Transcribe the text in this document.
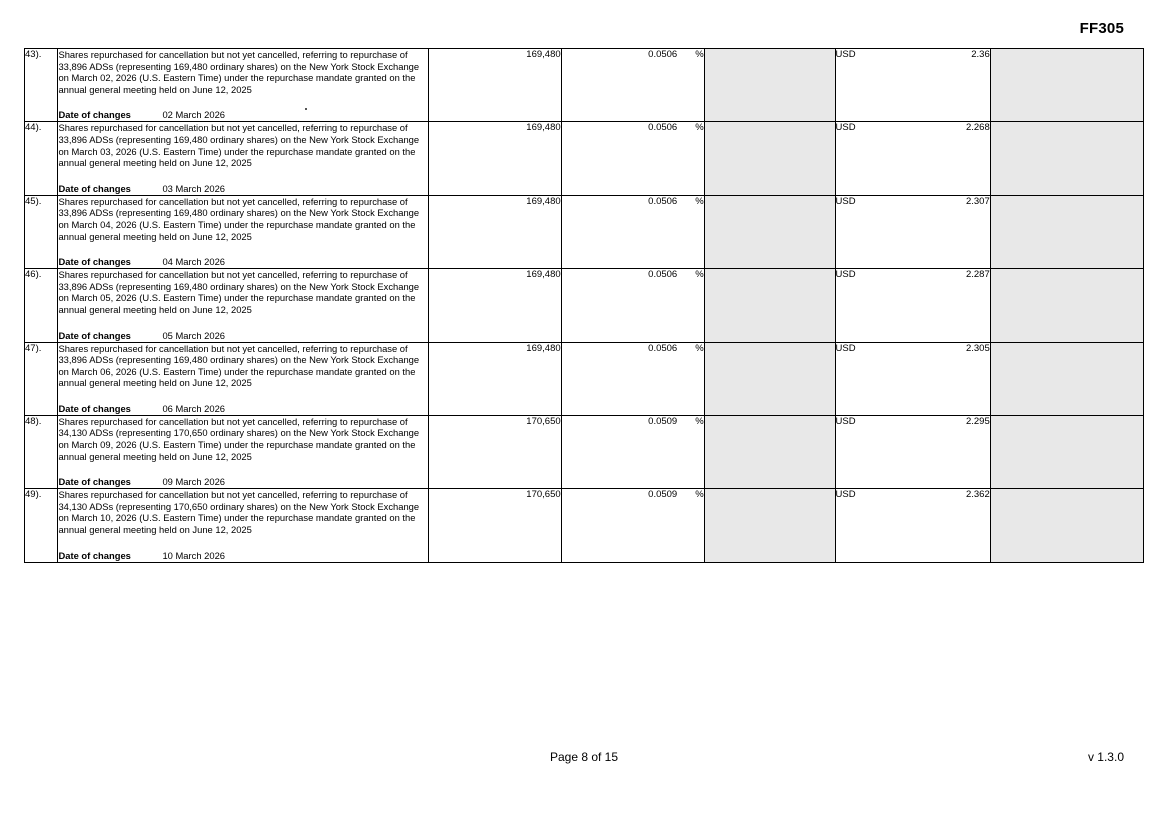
FF305
43).	Shares repurchased for cancellation but not yet cancelled, referring to repurchase of 33,896 ADSs (representing 169,480 ordinary shares) on the New York Stock Exchange on March 02, 2026 (U.S. Eastern Time) under the repurchase mandate granted on the annual general meeting held on June 12, 2025
Date of changes	02 March 2026
	169,480	0.0506 %		USD	2.36

44).	Shares repurchased for cancellation but not yet cancelled, referring to repurchase of 33,896 ADSs (representing 169,480 ordinary shares) on the New York Stock Exchange on March 03, 2026 (U.S. Eastern Time) under the repurchase mandate granted on the annual general meeting held on June 12, 2025
Date of changes	03 March 2026
	169,480	0.0506 %		USD	2.268

45).	Shares repurchased for cancellation but not yet cancelled, referring to repurchase of 33,896 ADSs (representing 169,480 ordinary shares) on the New York Stock Exchange on March 04, 2026 (U.S. Eastern Time) under the repurchase mandate granted on the annual general meeting held on June 12, 2025
Date of changes	04 March 2026
	169,480	0.0506 %		USD	2.307

46).	Shares repurchased for cancellation but not yet cancelled, referring to repurchase of 33,896 ADSs (representing 169,480 ordinary shares) on the New York Stock Exchange on March 05, 2026 (U.S. Eastern Time) under the repurchase mandate granted on the annual general meeting held on June 12, 2025
Date of changes	05 March 2026
	169,480	0.0506 %		USD	2.287

47).	Shares repurchased for cancellation but not yet cancelled, referring to repurchase of 33,896 ADSs (representing 169,480 ordinary shares) on the New York Stock Exchange on March 06, 2026 (U.S. Eastern Time) under the repurchase mandate granted on the annual general meeting held on June 12, 2025
Date of changes	06 March 2026
	169,480	0.0506 %		USD	2.305

48).	Shares repurchased for cancellation but not yet cancelled, referring to repurchase of 34,130 ADSs (representing 170,650 ordinary shares) on the New York Stock Exchange on March 09, 2026 (U.S. Eastern Time) under the repurchase mandate granted on the annual general meeting held on June 12, 2025
Date of changes	09 March 2026
	170,650	0.0509 %		USD	2.295

49).	Shares repurchased for cancellation but not yet cancelled, referring to repurchase of 34,130 ADSs (representing 170,650 ordinary shares) on the New York Stock Exchange on March 10, 2026 (U.S. Eastern Time) under the repurchase mandate granted on the annual general meeting held on June 12, 2025
Date of changes	10 March 2026
	170,650	0.0509 %		USD	2.362

Page 8 of 15	v 1.3.0
